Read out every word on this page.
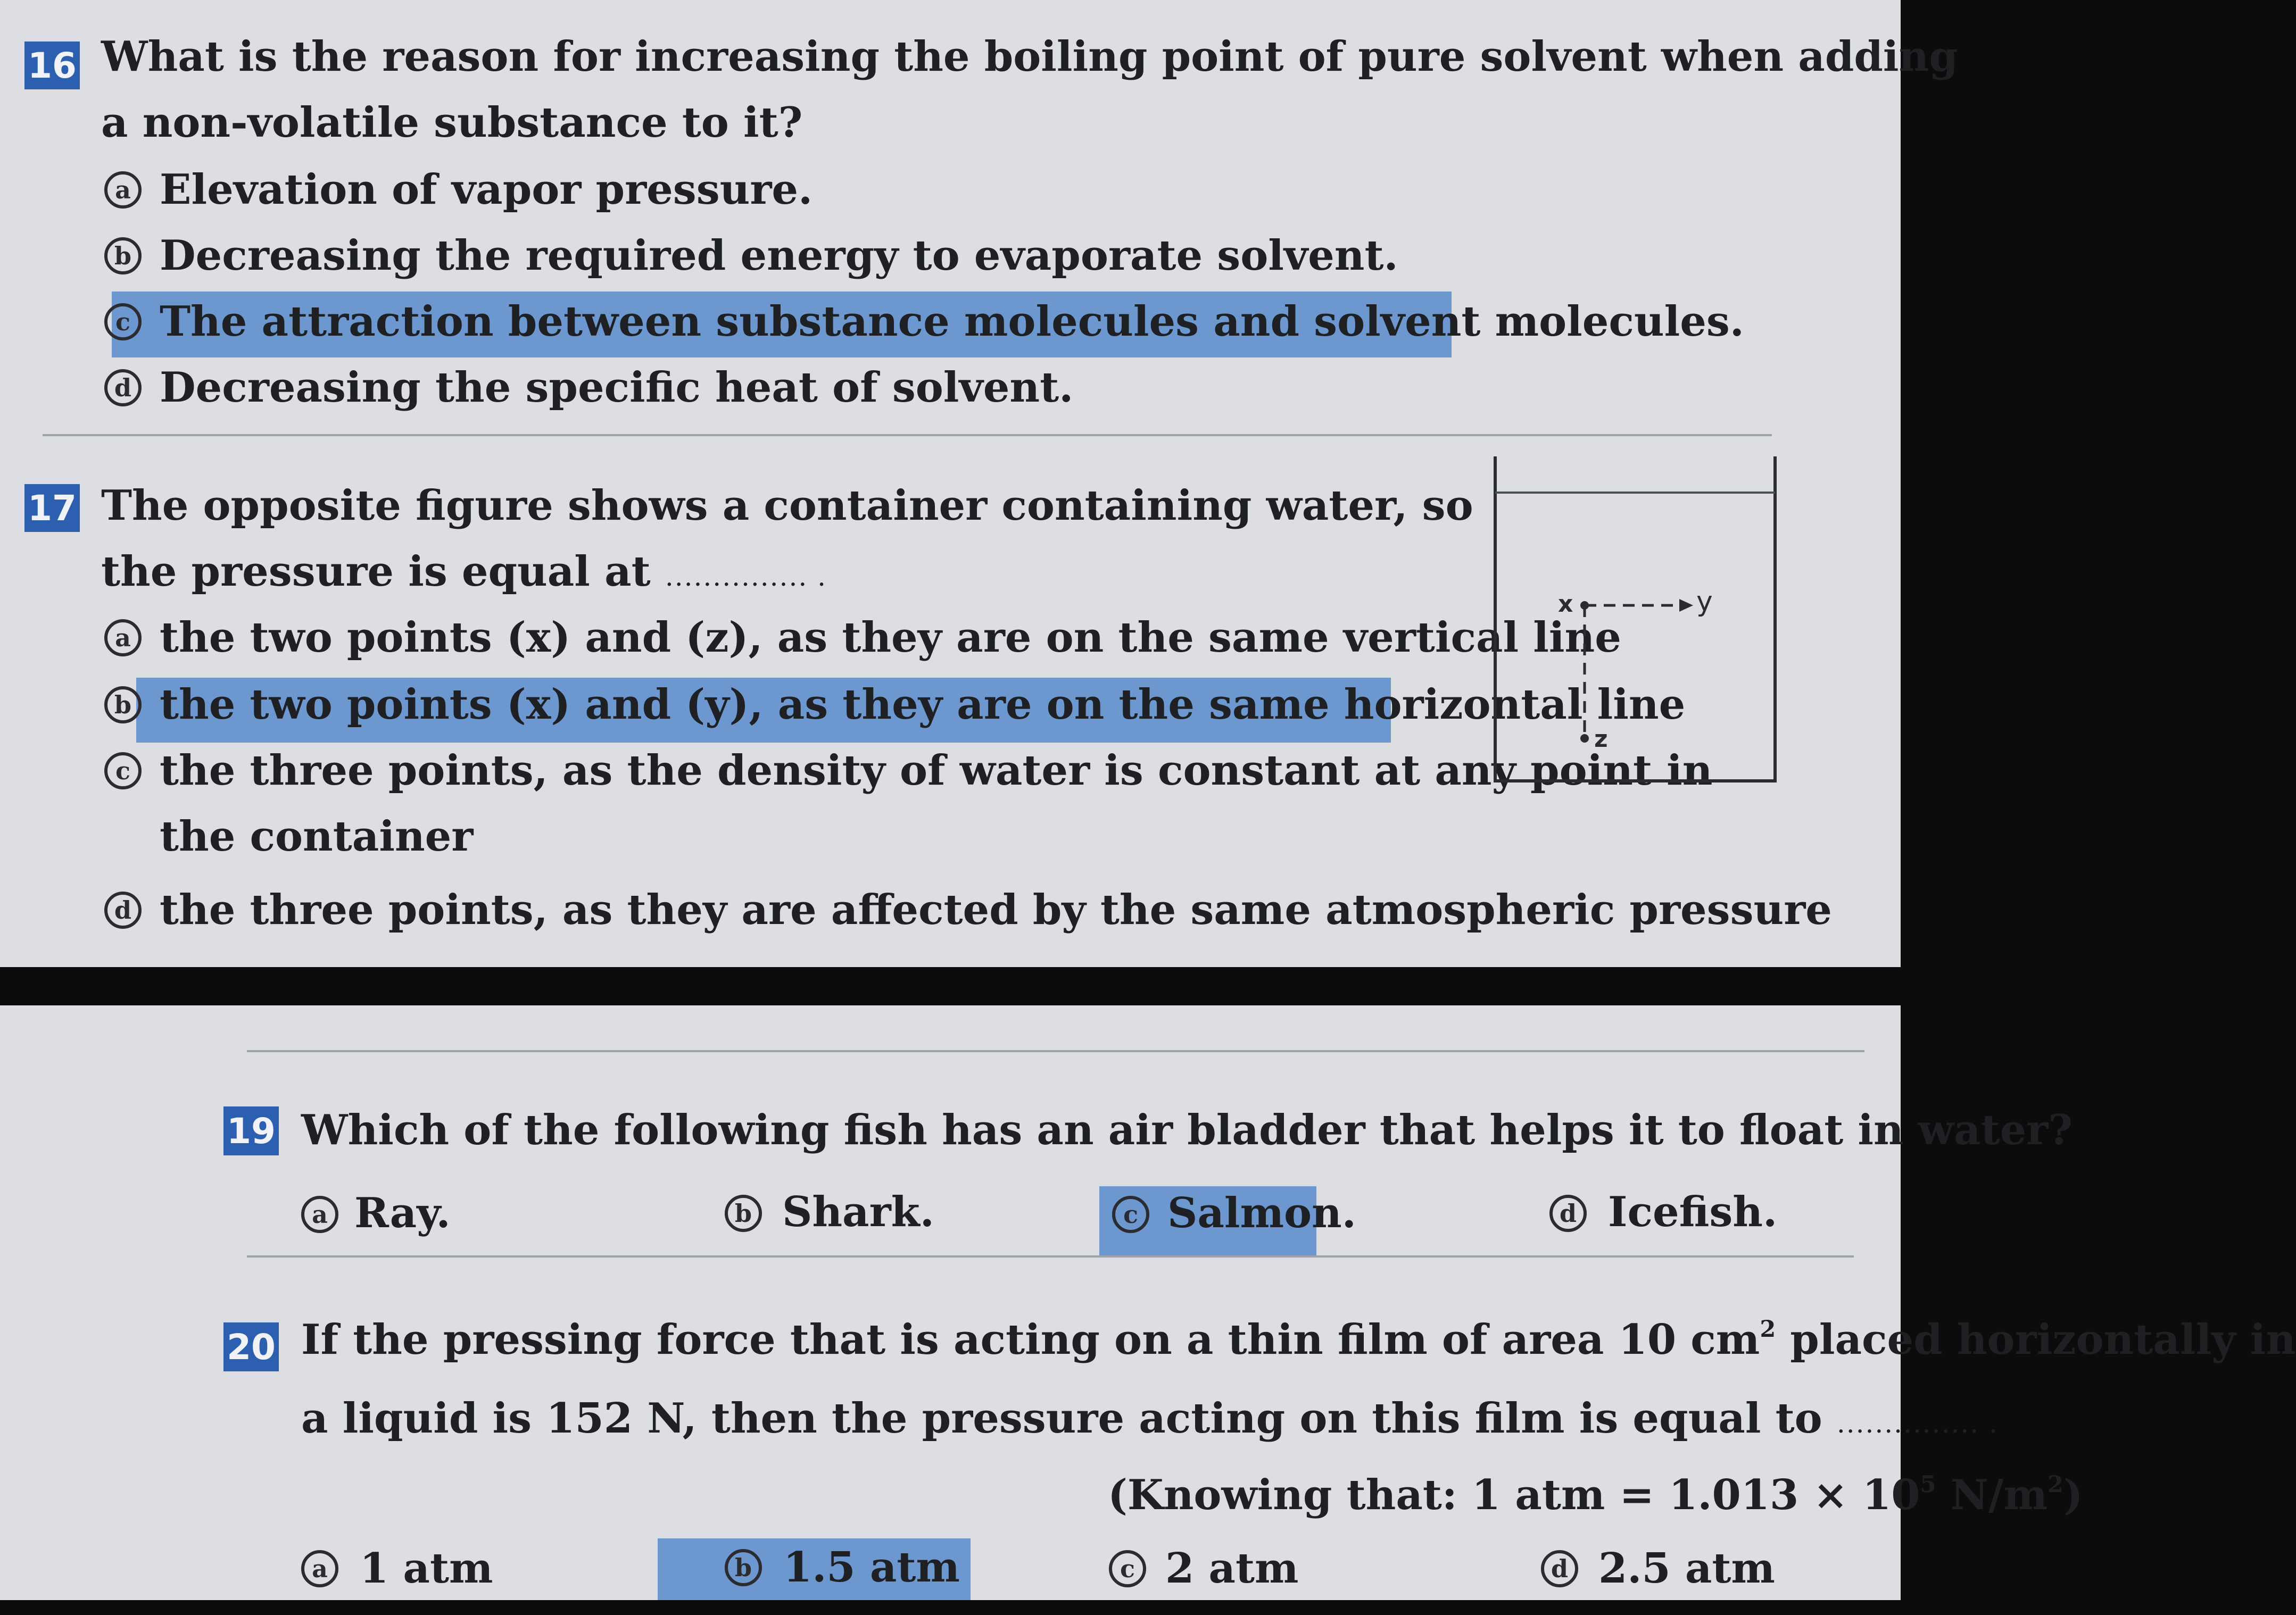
16 What is the reason for increasing the boiling point of pure solvent when adding
a non-volatile substance to it?
a Elevation of vapor pressure.
b Decreasing the required energy to evaporate solvent.
c The attraction between substance molecules and solvent molecules.
d Decreasing the specific heat of solvent.
17 The opposite figure shows a container containing water, so
the pressure is equal at ............... .
a the two points (x) and (z), as they are on the same vertical line
b the two points (x) and (y), as they are on the same horizontal line
c the three points, as the density of water is constant at any point in
the container
d the three points, as they are affected by the same atmospheric pressure
x	y
z
19 Which of the following fish has an air bladder that helps it to float in water?
a Ray.	b Shark.	c Salmon.	d Icefish.
20 If the pressing force that is acting on a thin film of area 10 $cm^2$ placed horizontally in
a liquid is 152 N, then the pressure acting on this film is equal to ............... .
(Knowing that: 1 atm = $1.013 \times 10^5$ $N/m^2$)
a 1 atm	b 1.5 atm	c 2 atm	d 2.5 atm
